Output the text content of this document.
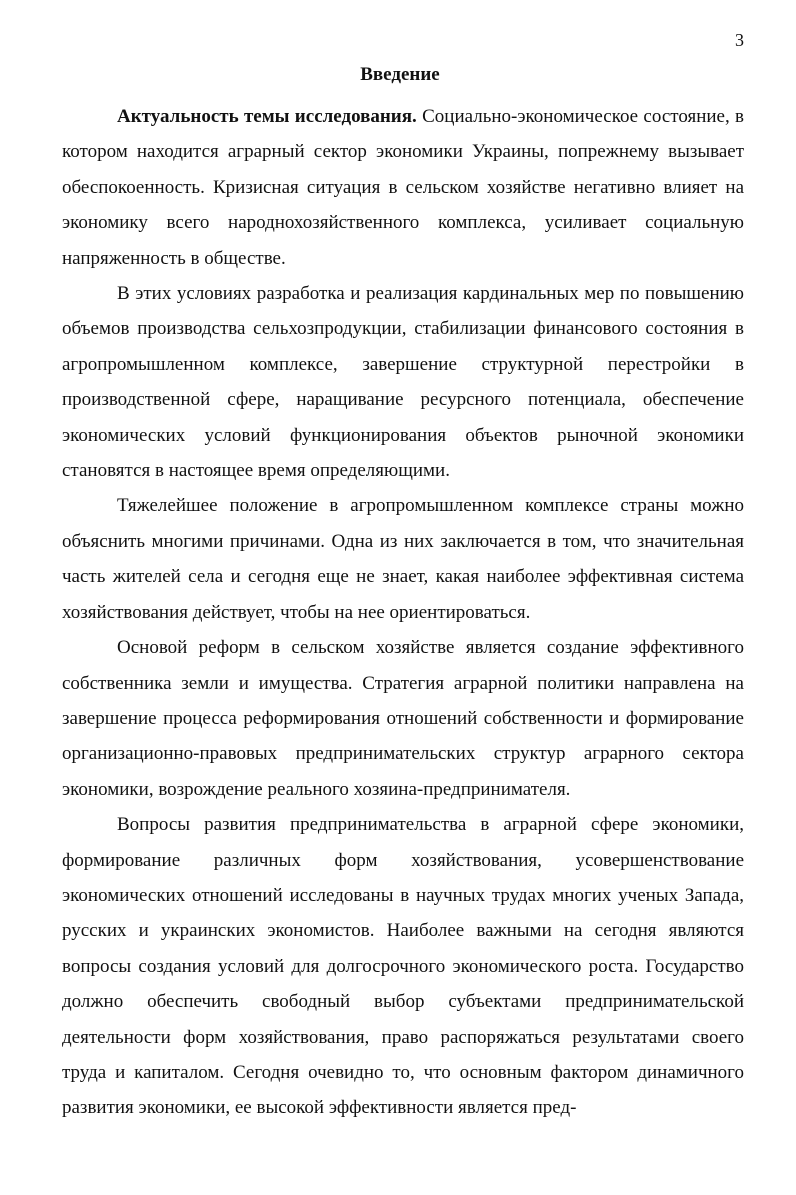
3
Введение

Актуальность темы исследования. Социально-экономическое состояние, в котором находится аграрный сектор экономики Украины, попрежнему вызывает обеспокоенность. Кризисная ситуация в сельском хозяйстве негативно влияет на экономику всего народнохозяйственного комплекса, усиливает социальную напряженность в обществе.

В этих условиях разработка и реализация кардинальных мер по повышению объемов производства сельхозпродукции, стабилизации финансового состояния в агропромышленном комплексе, завершение структурной перестройки в производственной сфере, наращивание ресурсного потенциала, обеспечение экономических условий функционирования объектов рыночной экономики становятся в настоящее время определяющими.

Тяжелейшее положение в агропромышленном комплексе страны можно объяснить многими причинами. Одна из них заключается в том, что значительная часть жителей села и сегодня еще не знает, какая наиболее эффективная система хозяйствования действует, чтобы на нее ориентироваться.

Основой реформ в сельском хозяйстве является создание эффективного собственника земли и имущества. Стратегия аграрной политики направлена на завершение процесса реформирования отношений собственности и формирование организационно-правовых предпринимательских структур аграрного сектора экономики, возрождение реального хозяина-предпринимателя.

Вопросы развития предпринимательства в аграрной сфере экономики, формирование различных форм хозяйствования, усовершенствование экономических отношений исследованы в научных трудах многих ученых Запада, русских и украинских экономистов. Наиболее важными на сегодня являются вопросы создания условий для долгосрочного экономического роста. Государство должно обеспечить свободный выбор субъектами предпринимательской деятельности форм хозяйствования, право распоряжаться результатами своего труда и капиталом. Сегодня очевидно то, что основным фактором динамичного развития экономики, ее высокой эффективности является пред-
